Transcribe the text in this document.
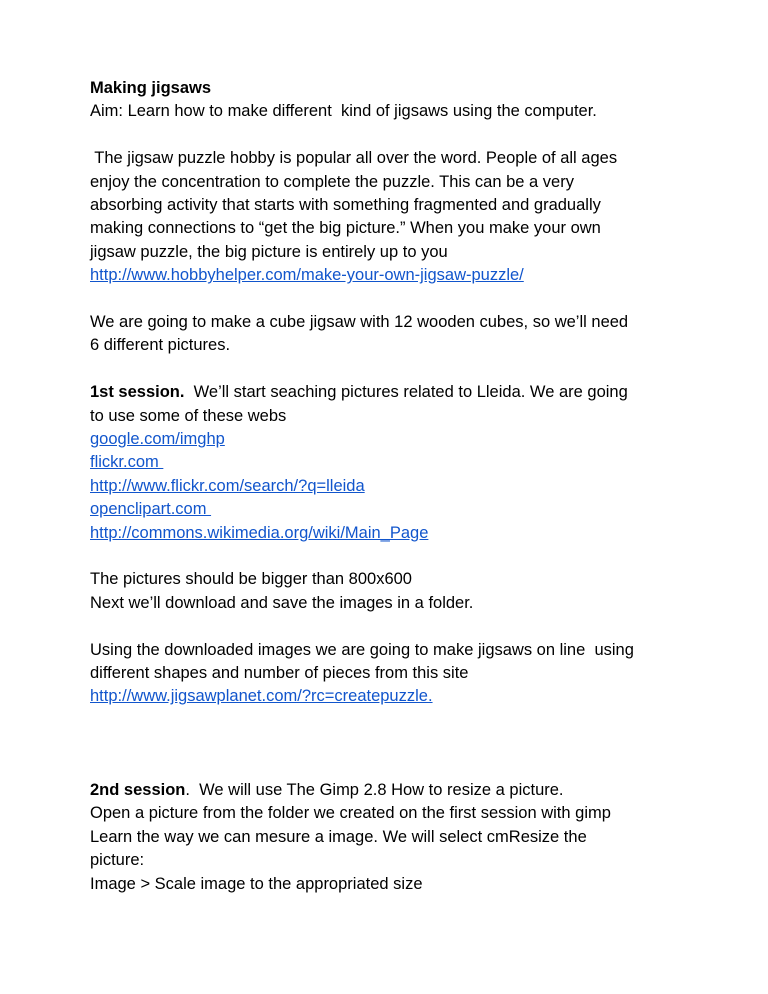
Making jigsaws
Aim: Learn how to make different  kind of jigsaws using the computer.
The jigsaw puzzle hobby is popular all over the word. People of all ages
enjoy the concentration to complete the puzzle. This can be a very
absorbing activity that starts with something fragmented and gradually
making connections to “get the big picture.” When you make your own
jigsaw puzzle, the big picture is entirely up to you
http://www.hobbyhelper.com/make-your-own-jigsaw-puzzle/
We are going to make a cube jigsaw with 12 wooden cubes, so we’ll need
6 different pictures.
1st session.  We’ll start seaching pictures related to Lleida. We are going
to use some of these webs
google.com/imghp
flickr.com
http://www.flickr.com/search/?q=lleida
openclipart.com
http://commons.wikimedia.org/wiki/Main_Page
The pictures should be bigger than 800x600
Next we’ll download and save the images in a folder.
Using the downloaded images we are going to make jigsaws on line  using
different shapes and number of pieces from this site
http://www.jigsawplanet.com/?rc=createpuzzle.
2nd session.  We will use The Gimp 2.8 How to resize a picture.
Open a picture from the folder we created on the first session with gimp
Learn the way we can mesure a image. We will select cmResize the
picture:
Image > Scale image to the appropriated size
